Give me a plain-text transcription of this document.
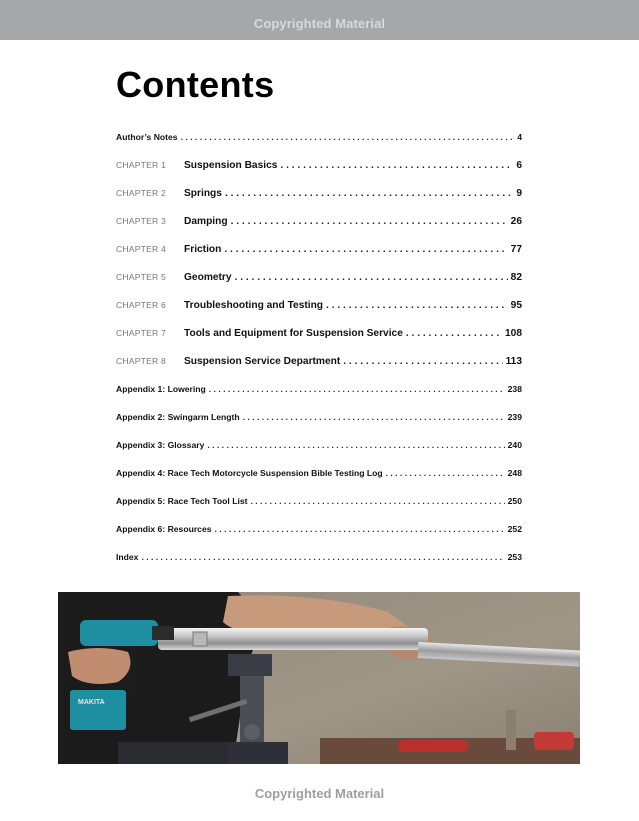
Copyrighted Material
Contents
Author’s Notes . . .	4
CHAPTER 1	Suspension Basics . . .	6
CHAPTER 2	Springs . . .	9
CHAPTER 3	Damping . . .	26
CHAPTER 4	Friction . . .	77
CHAPTER 5	Geometry . . .	82
CHAPTER 6	Troubleshooting and Testing . . .	95
CHAPTER 7	Tools and Equipment for Suspension Service . . .	108
CHAPTER 8	Suspension Service Department . . .	113
Appendix 1: Lowering . . .	238
Appendix 2: Swingarm Length . . .	239
Appendix 3: Glossary . . .	240
Appendix 4: Race Tech Motorcycle Suspension Bible Testing Log . . .	248
Appendix 5: Race Tech Tool List . . .	250
Appendix 6: Resources . . .	252
Index . . .	253
MAKITA
Copyrighted Material
